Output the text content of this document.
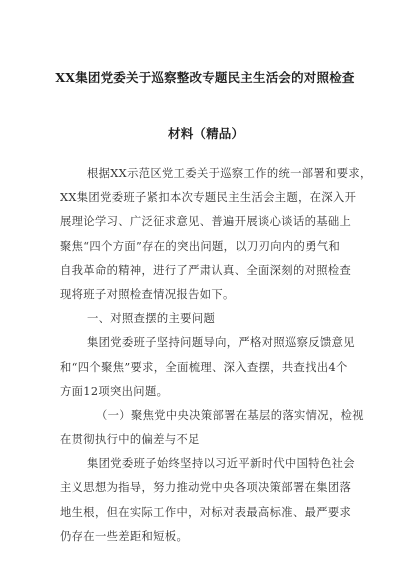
XX集团党委关于巡察整改专题民主生活会的对照检查
材料（精品）
根据XX示范区党工委关于巡察工作的统一部署和要求，
XX集团党委班子紧扣本次专题民主生活会主题，在深入开
展理论学习、广泛征求意见、普遍开展谈心谈话的基础上
聚焦“四个方面”存在的突出问题，以刀刃向内的勇气和
自我革命的精神，进行了严肃认真、全面深刻的对照检查
现将班子对照检查情况报告如下。
一、对照查摆的主要问题
集团党委班子坚持问题导向，严格对照巡察反馈意见
和“四个聚焦”要求，全面梳理、深入查摆，共查找出4个
方面12项突出问题。
（一）聚焦党中央决策部署在基层的落实情况，检视
在贯彻执行中的偏差与不足
集团党委班子始终坚持以习近平新时代中国特色社会
主义思想为指导，努力推动党中央各项决策部署在集团落
地生根，但在实际工作中，对标对表最高标准、最严要求
仍存在一些差距和短板。
